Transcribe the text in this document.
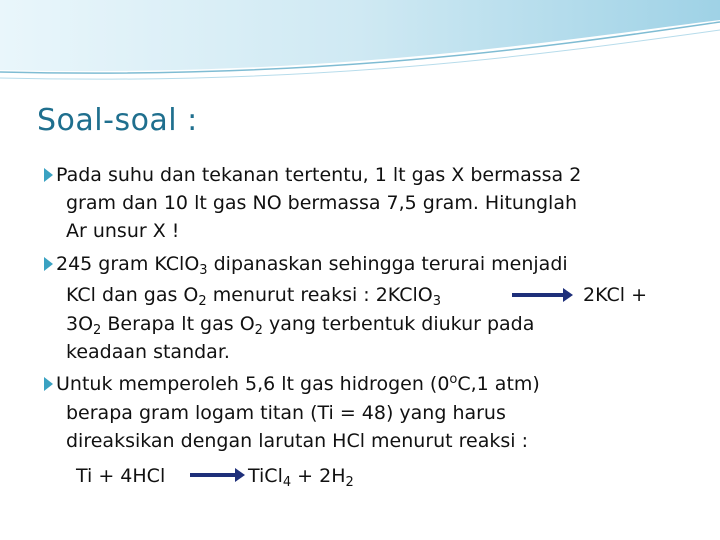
Soal-soal :
Pada suhu dan tekanan tertentu, 1 lt gas X bermassa 2
gram dan 10 lt gas NO bermassa 7,5 gram. Hitunglah
Ar unsur X !
245 gram KClO$_3$ dipanaskan sehingga terurai menjadi
KCl dan gas $O_2$ menurut reaksi : 2KClO$_3$	→ 2KCl +
$3O_2$ Berapa lt gas $O_2$ yang terbentuk diukur pada
keadaan standar.
Untuk memperoleh 5,6 lt gas hidrogen (0$^o$C,1 atm)
berapa gram logam titan (Ti = 48) yang harus
direaksikan dengan larutan HCl menurut reaksi :
Ti + 4HCl → TiCl$_4$ + $2H_2$
